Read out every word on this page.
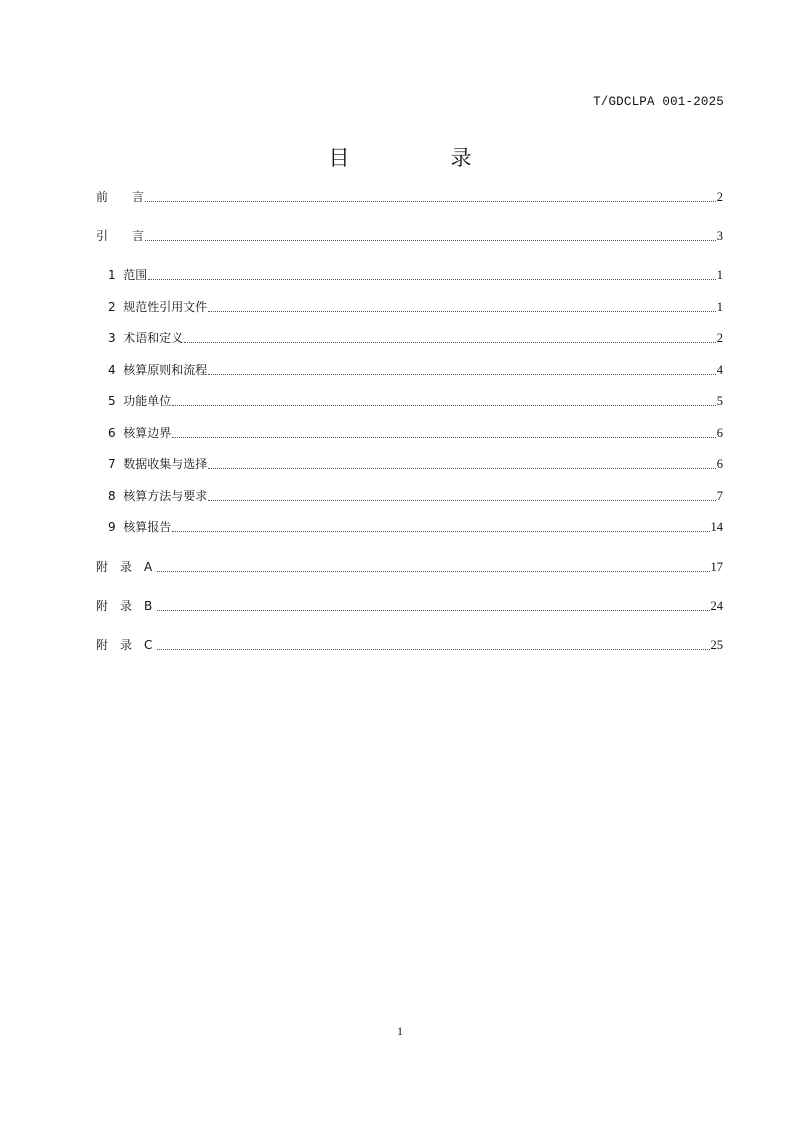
T/GDCLPA 001-2025
目　录
前　　言	2
引　　言	3
1  范围	1
2  规范性引用文件	1
3  术语和定义	2
4  核算原则和流程	4
5  功能单位	5
6  核算边界	6
7  数据收集与选择	6
8  核算方法与要求	7
9  核算报告	14
附　录　A	17
附　录　B	24
附　录　C	25
1
